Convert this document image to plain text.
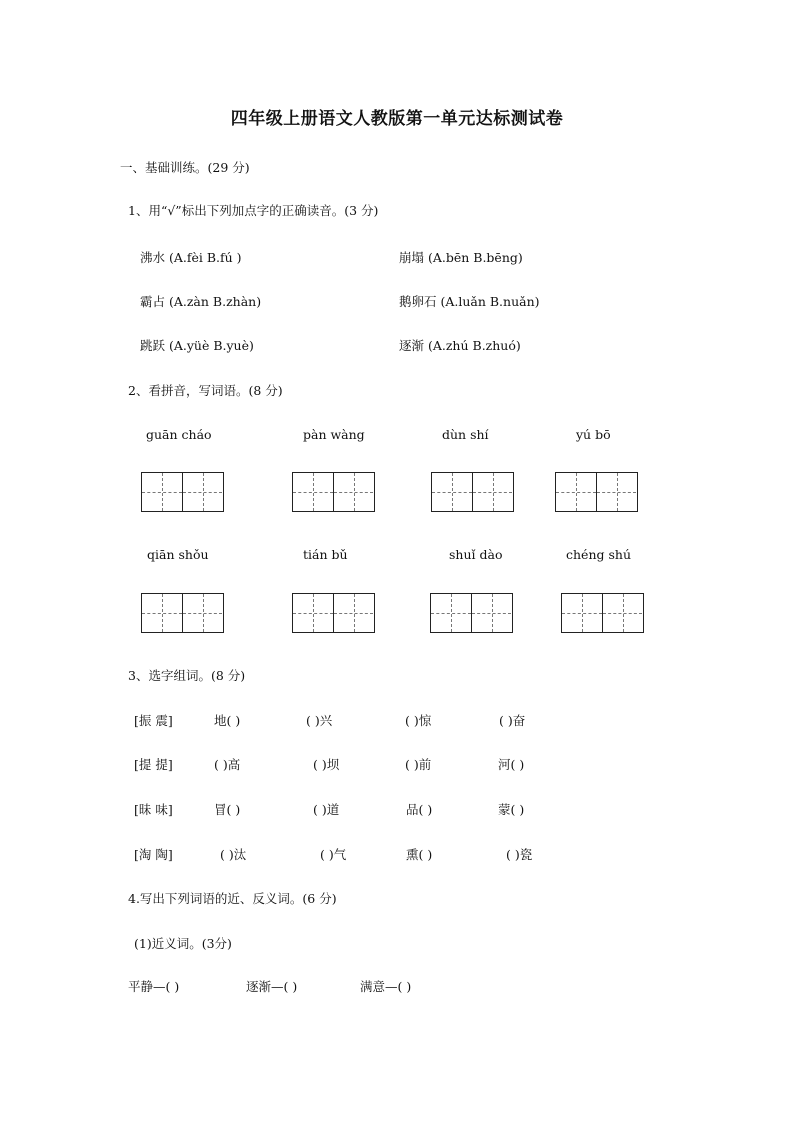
四年级上册语文人教版第一单元达标测试卷
一、基础训练。(29 分)
1、用“√”标出下列加点字的正确读音。(3 分)
沸水 (A.fèi B.fú )	崩塌 (A.bēn B.bēng)
霸占 (A.zàn B.zhàn)	鹅卵石 (A.luǎn B.nuǎn)
跳跃 (A.yüè B.yuè)	逐渐 (A.zhú B.zhuó)
2、看拼音，写词语。(8 分)
guān cháo	pàn wàng	dùn shí	yú bō
qiān shǒu	tián bǔ	shuǐ dào	chéng shú
3、选字组词。(8 分)
[振 震]	地( )	( )兴	( )惊	( )奋
[提 提]	( )高	( )坝	( )前	河( )
[昧 味]	冒( )	( )道	品( )	蒙( )
[淘 陶]	( )汰	( )气	熏( )	( )瓷
4.写出下列词语的近、反义词。(6 分)
(1)近义词。(3分)
平静—( )	逐渐—( )	满意—( )
